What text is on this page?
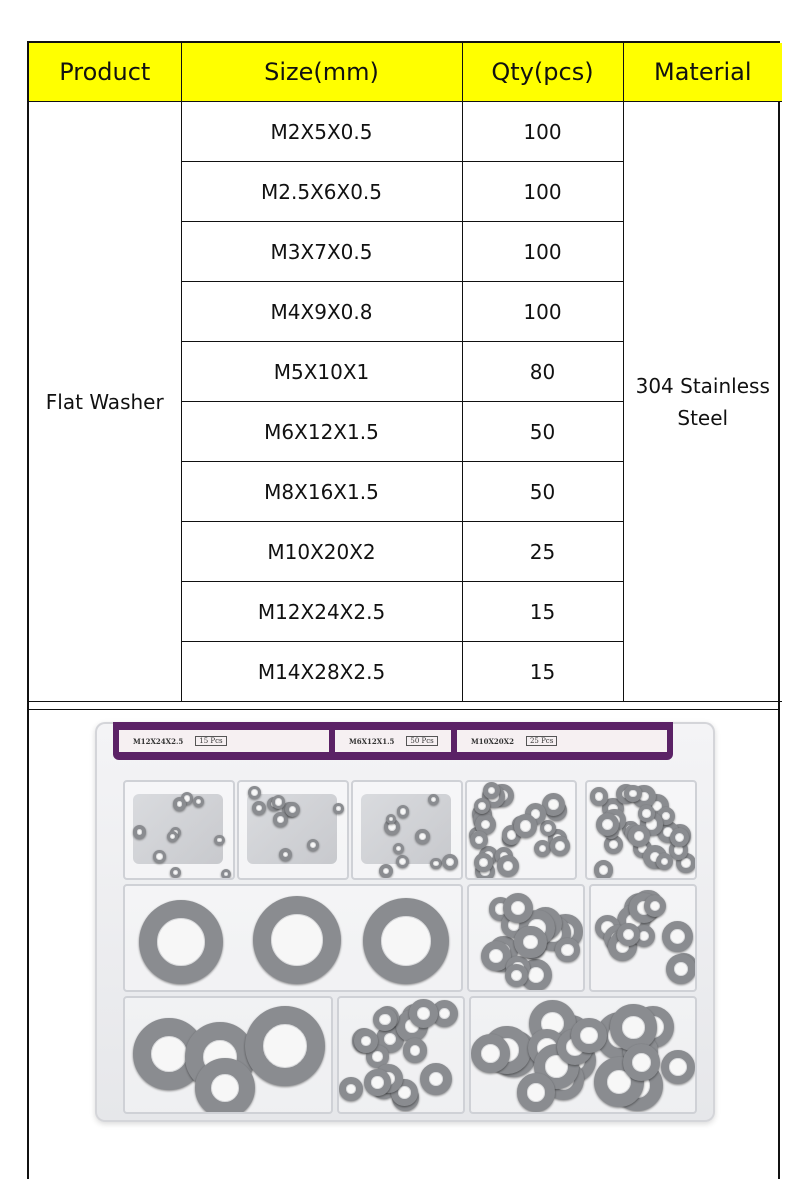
Product	Size(mm)	Qty(pcs)	Material
Flat Washer	M2X5X0.5	100	304 Stainless Steel
	M2.5X6X0.5	100	
	M3X7X0.5	100	
	M4X9X0.8	100	
	M5X10X1	80	
	M6X12X1.5	50	
	M8X16X1.5	50	
	M10X20X2	25	
	M12X24X2.5	15	
	M14X28X2.5	15	
M12X24X2.5	15 Pcs	M6X12X1.5	50 Pcs	M10X20X2	25 Pcs
